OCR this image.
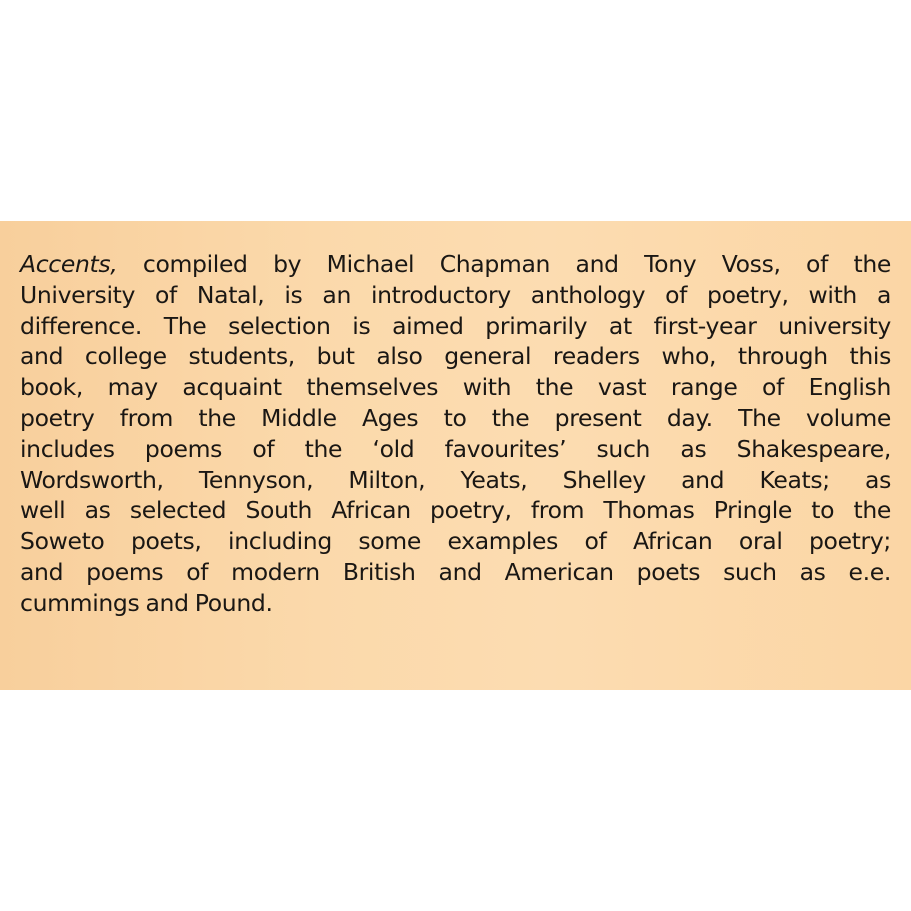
Accents, compiled by Michael Chapman and Tony Voss, of the
University of Natal, is an introductory anthology of poetry, with a
difference. The selection is aimed primarily at first-year university
and college students, but also general readers who, through this
book, may acquaint themselves with the vast range of English
poetry from the Middle Ages to the present day. The volume
includes poems of the ‘old favourites’ such as Shakespeare,
Wordsworth, Tennyson, Milton, Yeats, Shelley and Keats; as
well as selected South African poetry, from Thomas Pringle to the
Soweto poets, including some examples of African oral poetry;
and poems of modern British and American poets such as e.e.
cummings and Pound.
